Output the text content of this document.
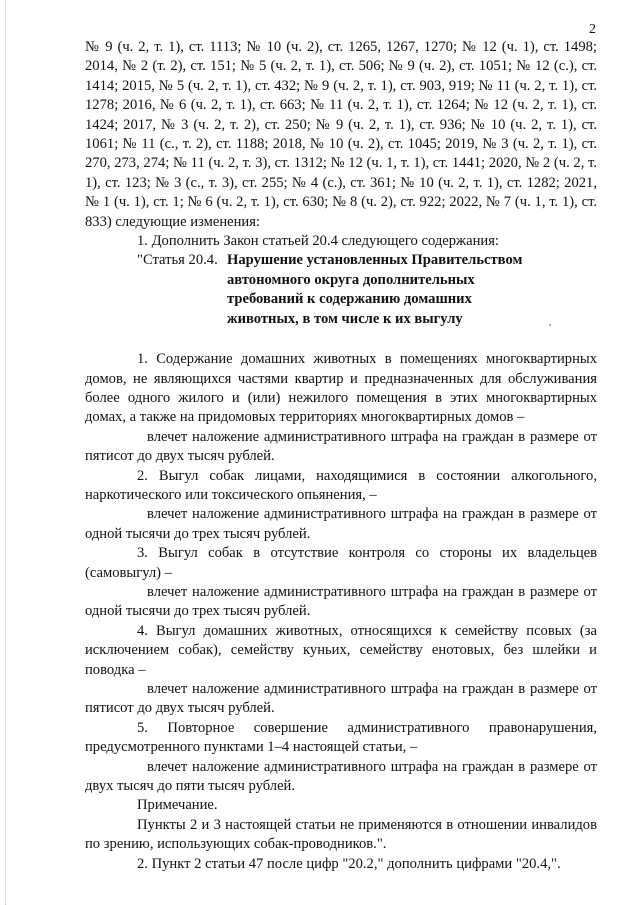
2

№ 9 (ч. 2, т. 1), ст. 1113; № 10 (ч. 2), ст. 1265, 1267, 1270; № 12 (ч. 1), ст. 1498; 2014, № 2 (т. 2), ст. 151; № 5 (ч. 2, т. 1), ст. 506; № 9 (ч. 2), ст. 1051; № 12 (с.), ст. 1414; 2015, № 5 (ч. 2, т. 1), ст. 432; № 9 (ч. 2, т. 1), ст. 903, 919; № 11 (ч. 2, т. 1), ст. 1278; 2016, № 6 (ч. 2, т. 1), ст. 663; № 11 (ч. 2, т. 1), ст. 1264; № 12 (ч. 2, т. 1), ст. 1424; 2017, № 3 (ч. 2, т. 2), ст. 250; № 9 (ч. 2, т. 1), ст. 936; № 10 (ч. 2, т. 1), ст. 1061; № 11 (с., т. 2), ст. 1188; 2018, № 10 (ч. 2), ст. 1045; 2019, № 3 (ч. 2, т. 1), ст. 270, 273, 274; № 11 (ч. 2, т. 3), ст. 1312; № 12 (ч. 1, т. 1), ст. 1441; 2020, № 2 (ч. 2, т. 1), ст. 123; № 3 (с., т. 3), ст. 255; № 4 (с.), ст. 361; № 10 (ч. 2, т. 1), ст. 1282; 2021, № 1 (ч. 1), ст. 1; № 6 (ч. 2, т. 1), ст. 630; № 8 (ч. 2), ст. 922; 2022, № 7 (ч. 1, т. 1), ст. 833) следующие изменения:

1. Дополнить Закон статьей 20.4 следующего содержания:

"Статья 20.4. Нарушение установленных Правительством автономного округа дополнительных требований к содержанию домашних животных, в том числе к их выгулу

1. Содержание домашних животных в помещениях многоквартирных домов, не являющихся частями квартир и предназначенных для обслуживания более одного жилого и (или) нежилого помещения в этих многоквартирных домах, а также на придомовых территориях многоквартирных домов –

влечет наложение административного штрафа на граждан в размере от пятисот до двух тысяч рублей.

2. Выгул собак лицами, находящимися в состоянии алкогольного, наркотического или токсического опьянения, –

влечет наложение административного штрафа на граждан в размере от одной тысячи до трех тысяч рублей.

3. Выгул собак в отсутствие контроля со стороны их владельцев (самовыгул) –

влечет наложение административного штрафа на граждан в размере от одной тысячи до трех тысяч рублей.

4. Выгул домашних животных, относящихся к семейству псовых (за исключением собак), семейству куньих, семейству енотовых, без шлейки и поводка –

влечет наложение административного штрафа на граждан в размере от пятисот до двух тысяч рублей.

5. Повторное совершение административного правонарушения, предусмотренного пунктами 1–4 настоящей статьи, –

влечет наложение административного штрафа на граждан в размере от двух тысяч до пяти тысяч рублей.

Примечание.

Пункты 2 и 3 настоящей статьи не применяются в отношении инвалидов по зрению, использующих собак-проводников.".

2. Пункт 2 статьи 47 после цифр "20.2," дополнить цифрами "20.4,".
